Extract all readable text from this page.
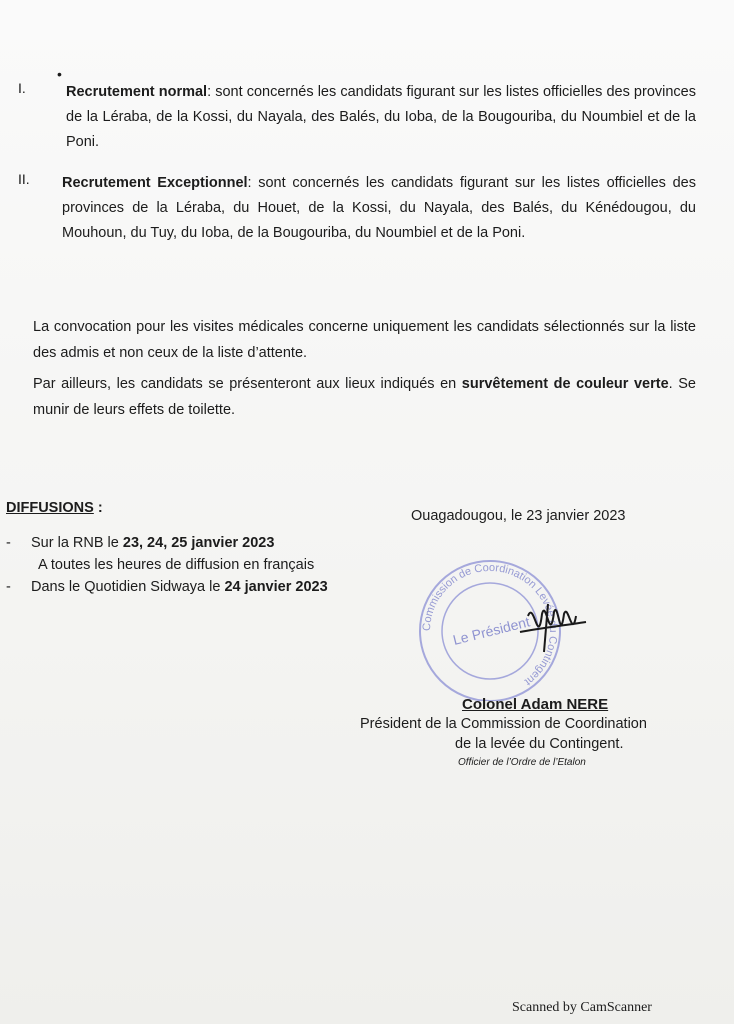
•
I.	Recrutement normal: sont concernés les candidats figurant sur les listes officielles des provinces de la Léraba, de la Kossi, du Nayala, des Balés, du Ioba, de la Bougouriba, du Noumbiel et de la Poni.
II. Recrutement Exceptionnel: sont concernés les candidats figurant sur les listes officielles des provinces de la Léraba, du Houet, de la Kossi, du Nayala, des Balés, du Kénédougou, du Mouhoun, du Tuy, du Ioba, de la Bougouriba, du Noumbiel et de la Poni.
La convocation pour les visites médicales concerne uniquement les candidats sélectionnés sur la liste des admis et non ceux de la liste d’attente.
Par ailleurs, les candidats se présenteront aux lieux indiqués en survêtement de couleur verte. Se munir de leurs effets de toilette.
DIFFUSIONS :
- Sur la RNB le 23, 24, 25 janvier 2023
A toutes les heures de diffusion en français
- Dans le Quotidien Sidwaya le 24 janvier 2023
Ouagadougou, le 23 janvier 2023
Commission de Coordination Levée du Contingent
Le Président
Colonel Adam NERE
Président de la Commission de Coordination
de la levée du Contingent.
Officier de l’Ordre de l’Etalon
Scanned by CamScanner
